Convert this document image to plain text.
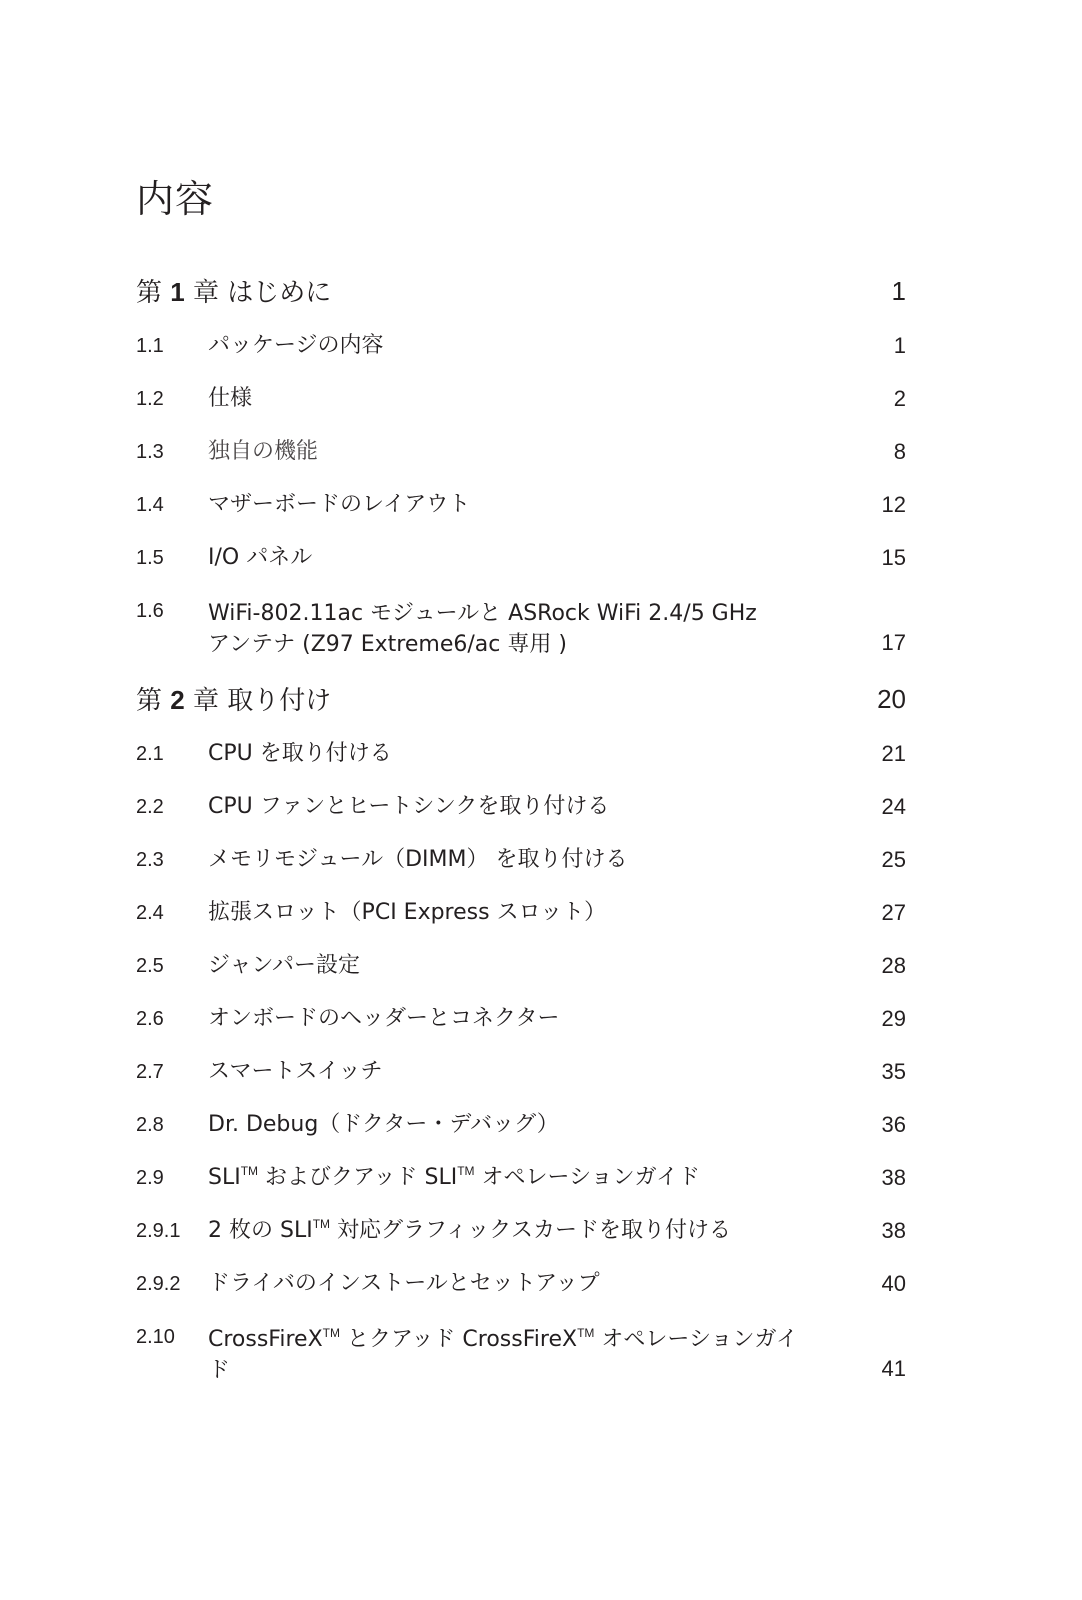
内容
第 1 章 はじめに	1
1.1 パッケージの内容	1
1.2 仕様	2
1.3 独自の機能	8
1.4 マザーボードのレイアウト	12
1.5 I/O パネル	15
1.6 WiFi-802.11ac モジュールと ASRock WiFi 2.4/5 GHz
アンテナ (Z97 Extreme6/ac 専用 )	17
第 2 章 取り付け	20
2.1 CPU を取り付ける	21
2.2 CPU ファンとヒートシンクを取り付ける	24
2.3 メモリモジュール（DIMM） を取り付ける	25
2.4 拡張スロット（PCI Express スロット）	27
2.5 ジャンパー設定	28
2.6 オンボードのヘッダーとコネクター	29
2.7 スマートスイッチ	35
2.8 Dr. Debug（ドクター・デバッグ）	36
2.9 SLI™ およびクアッド SLI™ オペレーションガイド	38
2.9.1 2 枚の SLI™ 対応グラフィックスカードを取り付ける	38
2.9.2 ドライバのインストールとセットアップ	40
2.10 CrossFireX™ とクアッド CrossFireX™ オペレーションガイ
ド	41
